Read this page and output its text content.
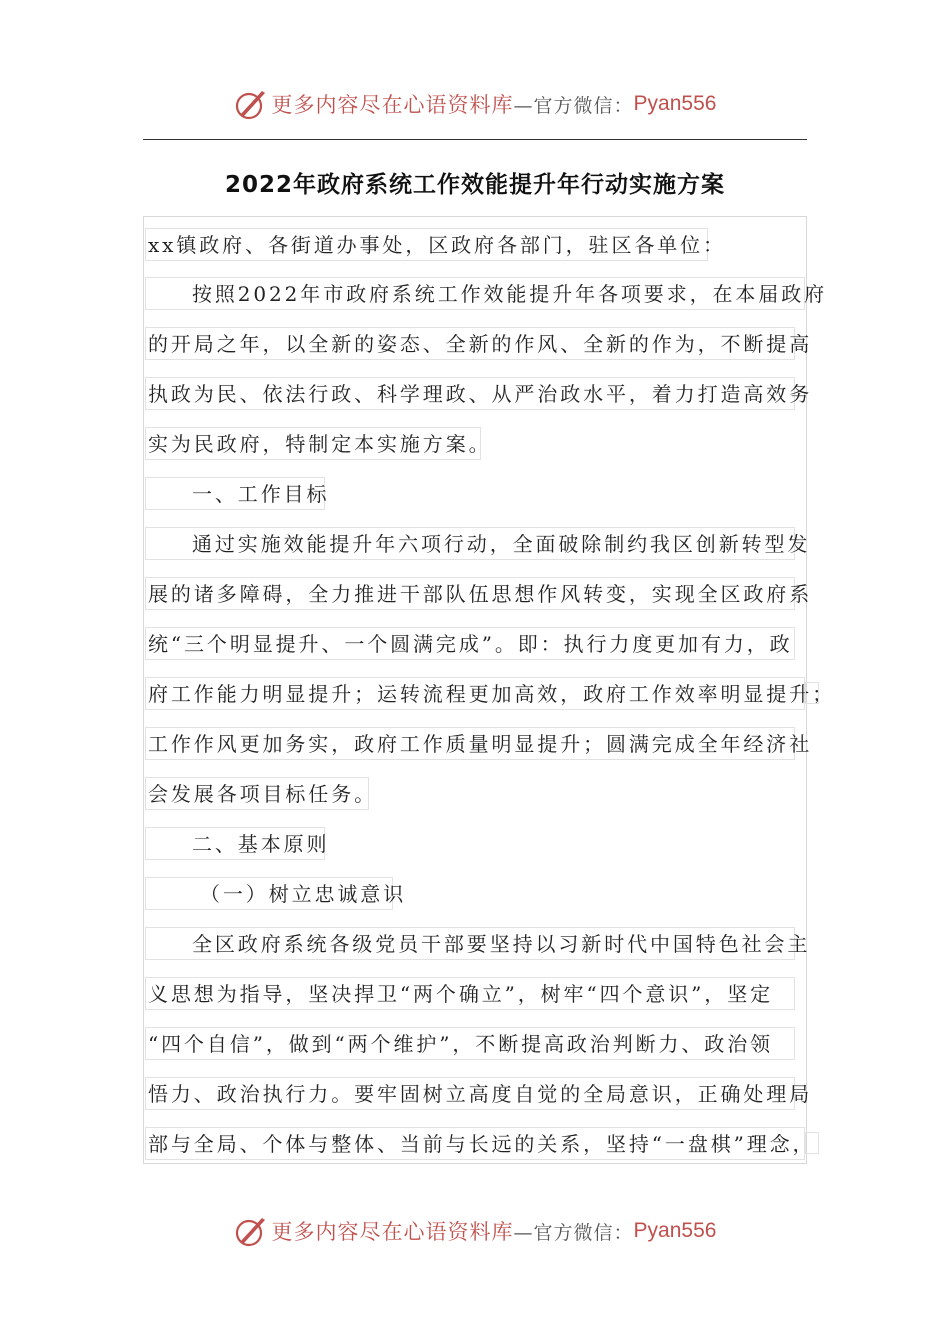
更多内容尽在心语资料库 —官方微信： Pyan556
2022年政府系统工作效能提升年行动实施方案
xx镇政府、各街道办事处，区政府各部门，驻区各单位：
按照2022年市政府系统工作效能提升年各项要求，在本届政府
的开局之年，以全新的姿态、全新的作风、全新的作为，不断提高
执政为民、依法行政、科学理政、从严治政水平，着力打造高效务
实为民政府，特制定本实施方案。
一、工作目标
通过实施效能提升年六项行动，全面破除制约我区创新转型发
展的诸多障碍，全力推进干部队伍思想作风转变，实现全区政府系
统“三个明显提升、一个圆满完成”。即：执行力度更加有力，政
府工作能力明显提升；运转流程更加高效，政府工作效率明显提升；
工作作风更加务实，政府工作质量明显提升；圆满完成全年经济社
会发展各项目标任务。
二、基本原则
（一）树立忠诚意识
全区政府系统各级党员干部要坚持以习新时代中国特色社会主
义思想为指导，坚决捍卫“两个确立”，树牢“四个意识”，坚定
“四个自信”，做到“两个维护”，不断提高政治判断力、政治领
悟力、政治执行力。要牢固树立高度自觉的全局意识，正确处理局
部与全局、个体与整体、当前与长远的关系，坚持“一盘棋”理念，
更多内容尽在心语资料库 —官方微信： Pyan556
